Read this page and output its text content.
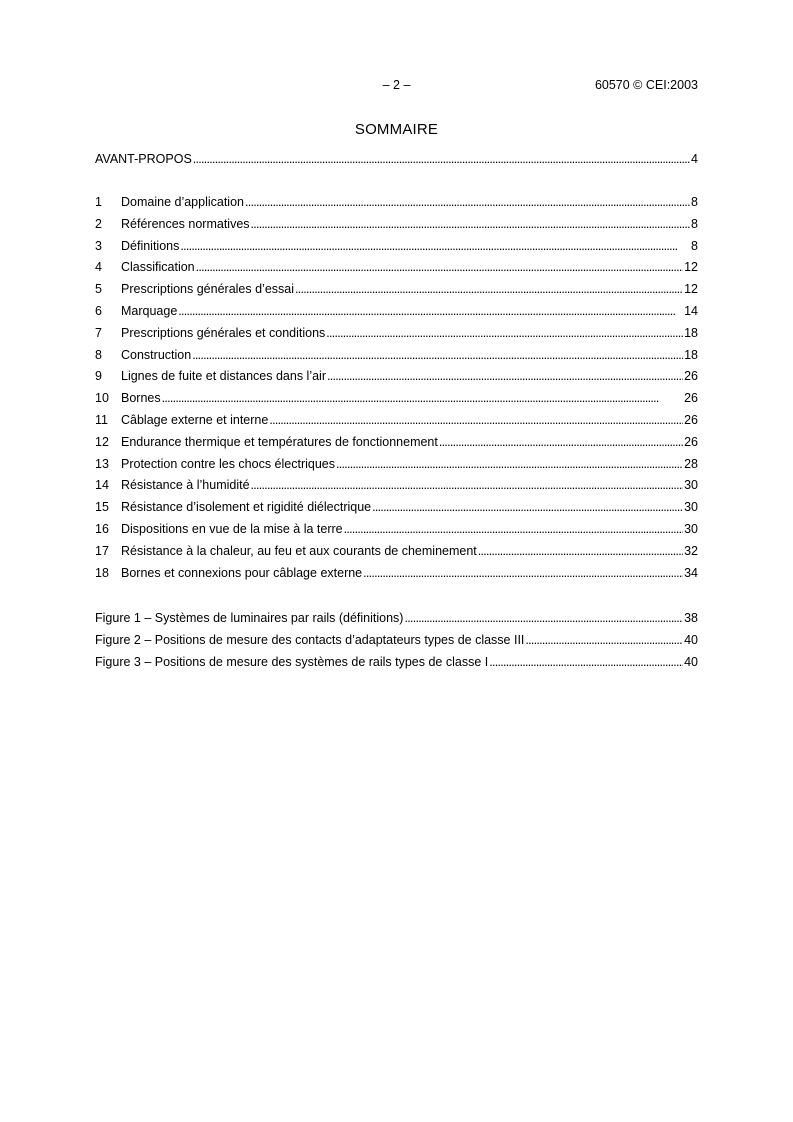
– 2 –	60570 © CEI:2003
SOMMAIRE
AVANT-PROPOS . . .	4
1	Domaine d’application . . .	8
2	Références normatives . . .	8
3	Définitions . . .	8
4	Classification . . .	12
5	Prescriptions générales d’essai . . .	12
6	Marquage . . .	14
7	Prescriptions générales et conditions . . .	18
8	Construction . . .	18
9	Lignes de fuite et distances dans l’air . . .	26
10 Bornes . . .	26
11	Câblage externe et interne . . .	26
12 Endurance thermique et températures de fonctionnement . . .	26
13 Protection contre les chocs électriques . . .	28
14 Résistance à l’humidité . . .	30
15 Résistance d’isolement et rigidité diélectrique . . .	30
16 Dispositions en vue de la mise à la terre . . .	30
17 Résistance à la chaleur, au feu et aux courants de cheminement . . .	32
18 Bornes et connexions pour câblage externe . . .	34
Figure 1 – Systèmes de luminaires par rails (définitions) . . .	38
Figure 2 – Positions de mesure des contacts d’adaptateurs types de classe III . . .	40
Figure 3 – Positions de mesure des systèmes de rails types de classe I . . .	40
